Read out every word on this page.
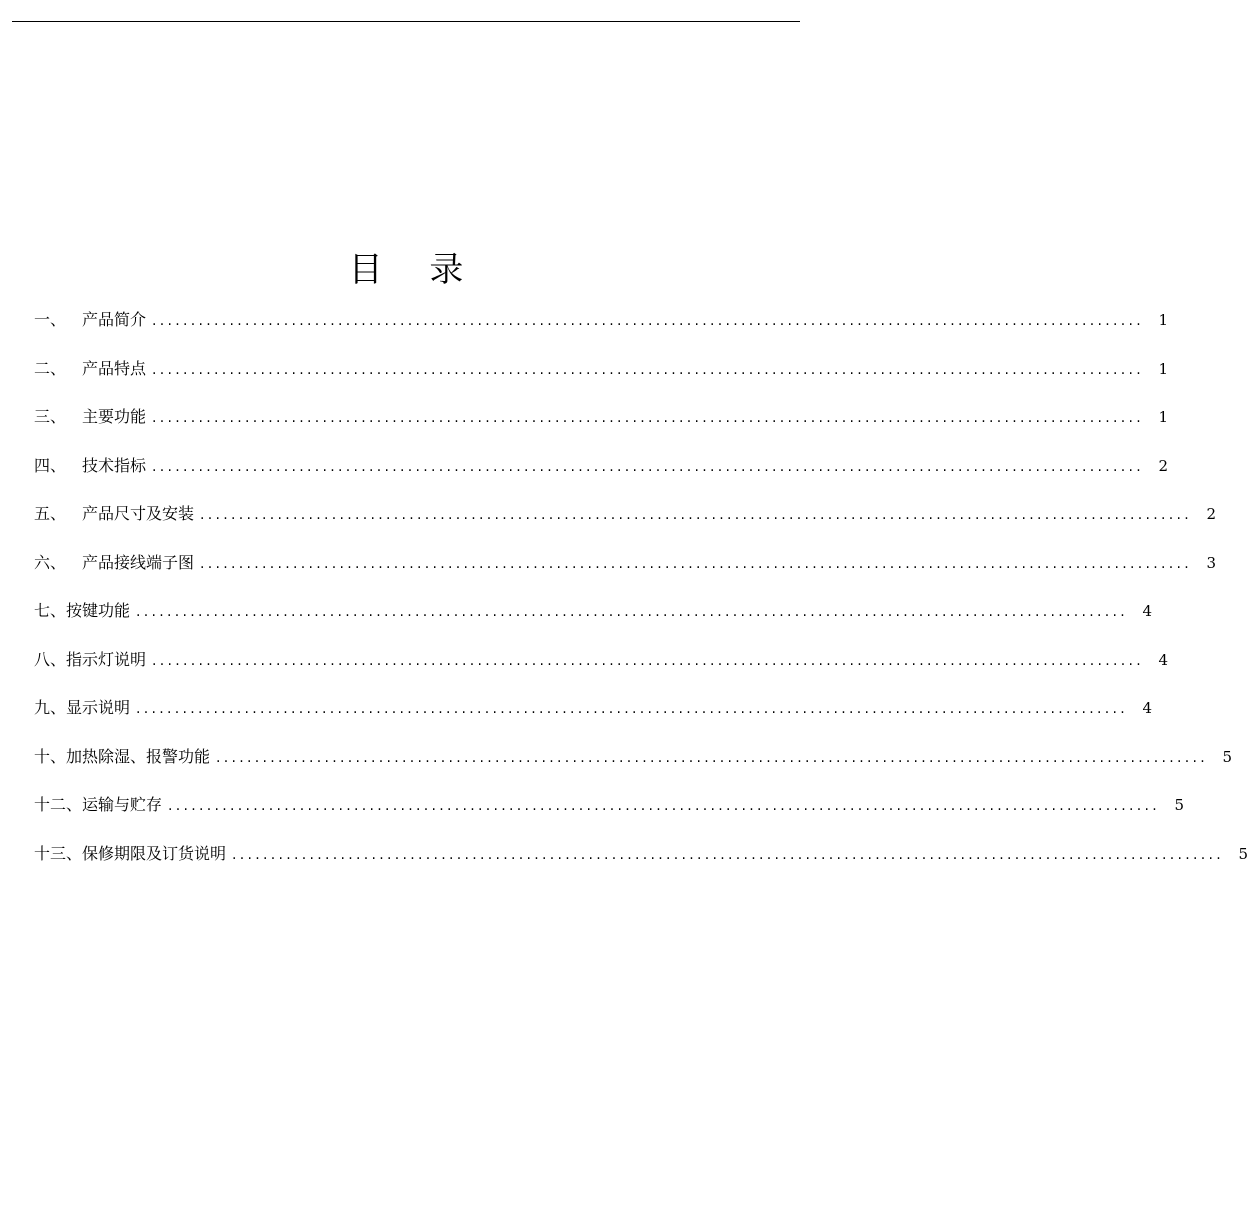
目 录
一、 产品简介 ................................................................................................................................ 1
二、 产品特点 ................................................................................................................................ 1
三、 主要功能 ................................................................................................................................ 1
四、 技术指标 ................................................................................................................................ 2
五、 产品尺寸及安装 ................................................................................................................................ 2
六、 产品接线端子图 ................................................................................................................................ 3
七、 按键功能 ................................................................................................................................ 4
八、 指示灯说明 ................................................................................................................................ 4
九、 显示说明 ................................................................................................................................ 4
十、 加热除湿、报警功能 ................................................................................................................................ 5
十二、 运输与贮存 ................................................................................................................................ 5
十三、 保修期限及订货说明 ................................................................................................................................ 5
